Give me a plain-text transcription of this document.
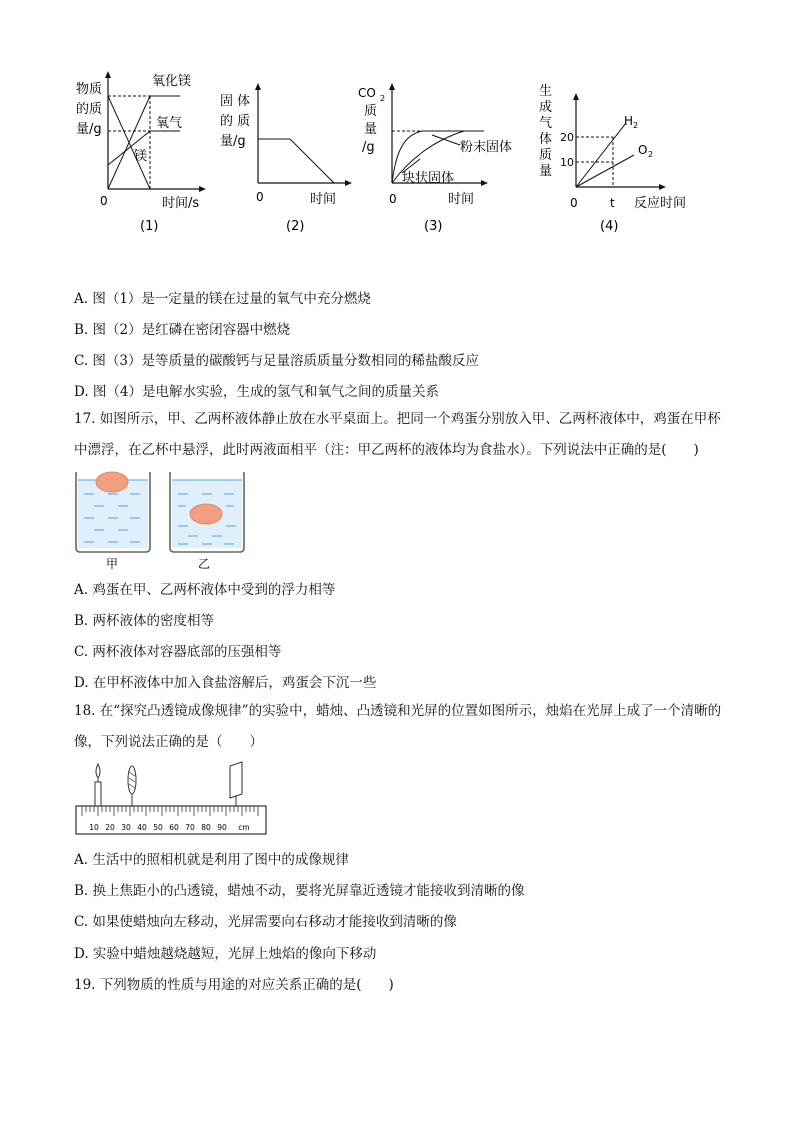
物质
的质
量/g
氧化镁
氧气
镁
0	时间/s
(1)
固 体
的 质
量/g
0	时间
(2)
CO 2
质
量
/g	粉末固体
块状固体
0	时间
(3)
生
成
气
体
质
量
H 2
O 2
20
10
0	t 反应时间
(4)
A. 图（1）是一定量的镁在过量的氧气中充分燃烧
B. 图（2）是红磷在密闭容器中燃烧
C. 图（3）是等质量的碳酸钙与足量溶质质量分数相同的稀盐酸反应
D. 图（4）是电解水实验，生成的氢气和氧气之间的质量关系
17. 如图所示，甲、乙两杯液体静止放在水平桌面上。把同一个鸡蛋分别放入甲、乙两杯液体中，鸡蛋在甲杯中漂浮，在乙杯中悬浮，此时两液面相平（注：甲乙两杯的液体均为食盐水）。下列说法中正确的是(　　)
甲	乙
A. 鸡蛋在甲、乙两杯液体中受到的浮力相等
B. 两杯液体的密度相等
C. 两杯液体对容器底部的压强相等
D. 在甲杯液体中加入食盐溶解后，鸡蛋会下沉一些
18. 在“探究凸透镜成像规律”的实验中，蜡烛、凸透镜和光屏的位置如图所示，烛焰在光屏上成了一个清晰的像，下列说法正确的是（　　）
10 20 30 40 50 60 70 80 90 cm
A. 生活中的照相机就是利用了图中的成像规律
B. 换上焦距小的凸透镜，蜡烛不动，要将光屏靠近透镜才能接收到清晰的像
C. 如果使蜡烛向左移动，光屏需要向右移动才能接收到清晰的像
D. 实验中蜡烛越烧越短，光屏上烛焰的像向下移动
19. 下列物质的性质与用途的对应关系正确的是(　　)
